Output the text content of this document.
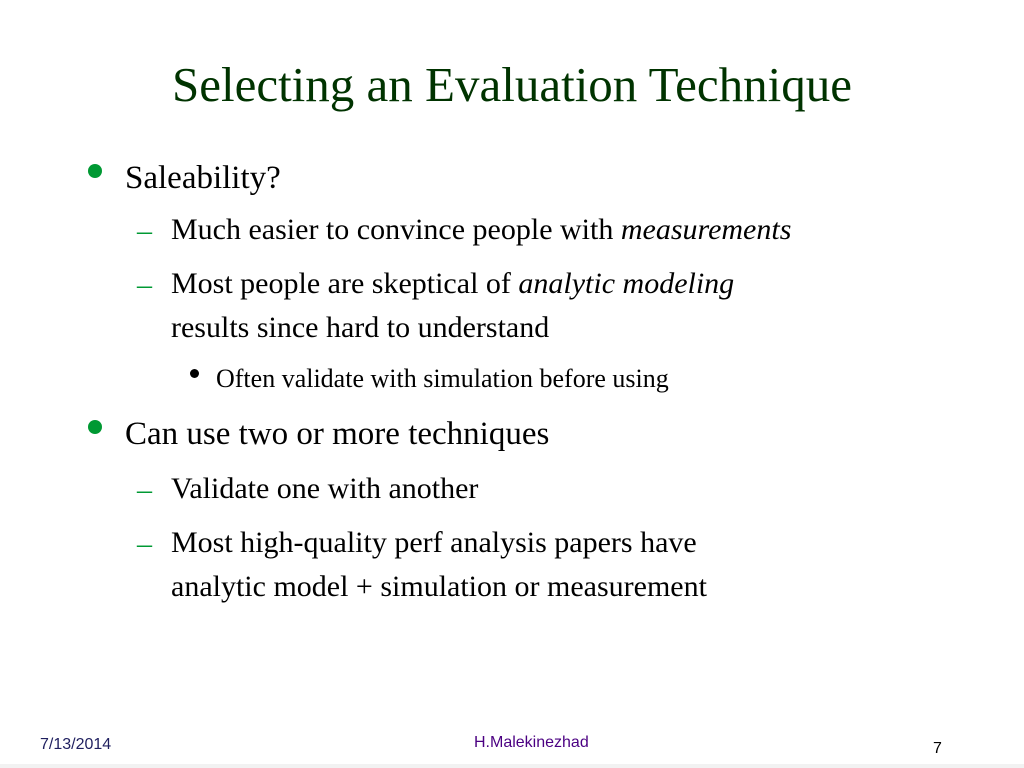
Selecting an Evaluation Technique
Saleability?
– Much easier to convince people with measurements
– Most people are skeptical of analytic modeling
results since hard to understand
Often validate with simulation before using
Can use two or more techniques
– Validate one with another
– Most high-quality perf analysis papers have
analytic model + simulation or measurement
7/13/2014	H.Malekinezhad	7
